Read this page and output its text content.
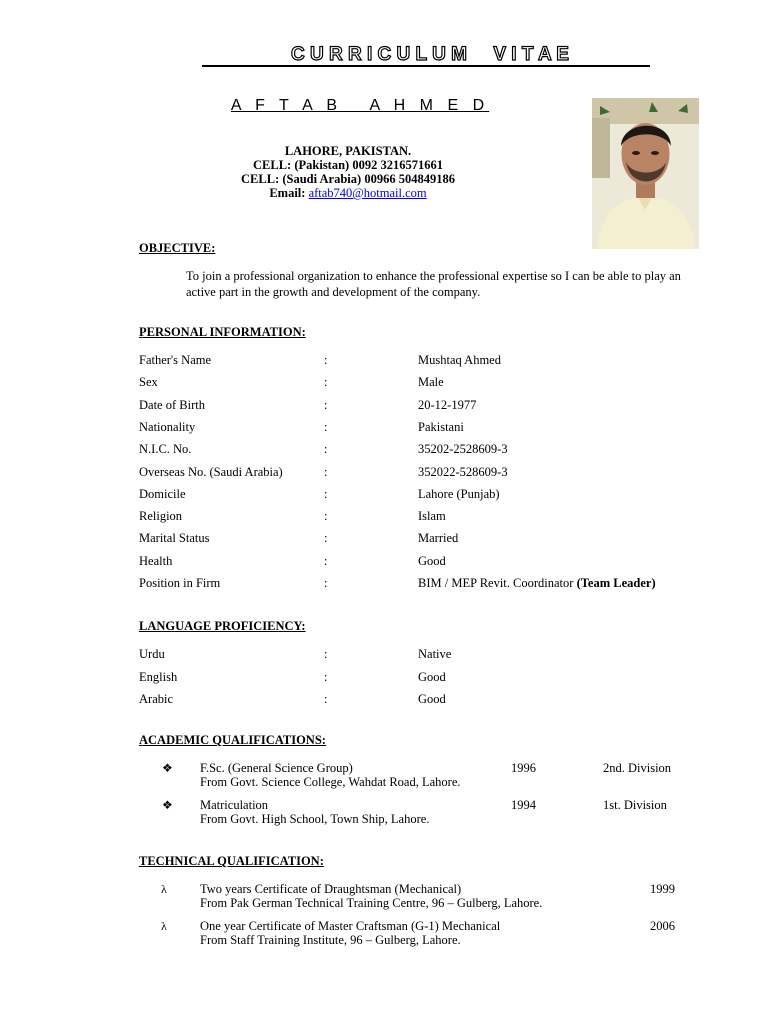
C U R R I C U L U M     V I T A E
A F T A B   A H M E D
LAHORE, PAKISTAN.
CELL: (Pakistan) 0092 3216571661
CELL: (Saudi Arabia) 00966 504849186
Email: aftab740@hotmail.com
OBJECTIVE:
To join a professional organization to enhance the professional expertise so I can be able to play an active part in the growth and development of the company.
PERSONAL INFORMATION:
Father's Name	:	Mushtaq Ahmed
Sex	:	Male
Date of Birth	:	20-12-1977
Nationality	:	Pakistani
N.I.C. No.	:	35202-2528609-3
Overseas No. (Saudi Arabia)	:	352022-528609-3
Domicile	:	Lahore (Punjab)
Religion	:	Islam
Marital Status	:	Married
Health	:	Good
Position in Firm	:	BIM / MEP Revit. Coordinator (Team Leader)
LANGUAGE PROFICIENCY:
Urdu	:	Native
English	:	Good
Arabic	:	Good
ACADEMIC QUALIFICATIONS:
❖ F.Sc. (General Science Group)
From Govt. Science College, Wahdat Road, Lahore.
1996	2nd. Division
❖ Matriculation
From Govt. High School, Town Ship, Lahore.
1994	1st. Division
TECHNICAL QUALIFICATION:
λ	Two years Certificate of Draughtsman (Mechanical)
From Pak German Technical Training Centre, 96 – Gulberg, Lahore.
1999
λ	One year Certificate of Master Craftsman (G-1) Mechanical
From Staff Training Institute, 96 – Gulberg, Lahore.
2006
